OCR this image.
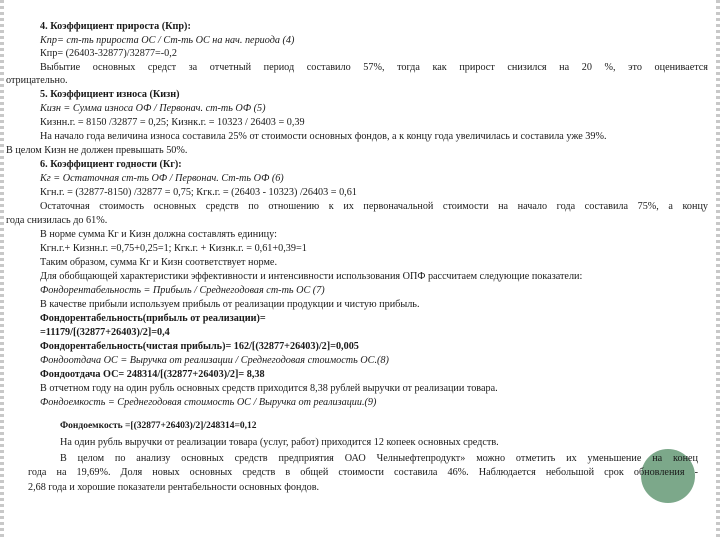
4. Коэффициент прироста (Кпр):
Кпр= ст-ть прироста ОС / Ст-ть ОС на нач. периода (4)
Кпр= (26403-32877)/32877=-0,2
Выбытие основных средст за отчетный период составило 57%, тогда как прирост снизился на 20 %, это оценивается
отрицательно.
5. Коэффициент износа (Кизн)
Кизн = Сумма износа ОФ / Первонач. ст-ть ОФ (5)
Кизнн.г. = 8150 /32877 = 0,25; Кизнк.г. = 10323 / 26403 = 0,39
На начало года величина износа составила 25% от стоимости основных фондов, а к концу года увеличилась и составила уже 39%.
В целом Кизн не должен превышать 50%.
6. Коэффициент годности (Кг):
Кг = Остаточная ст-ть ОФ / Первонач. Ст-ть ОФ (6)
Кгн.г. = (32877-8150) /32877 = 0,75; Кгк.г. = (26403 - 10323) /26403 = 0,61
Остаточная стоимость основных средств по отношению к их первоначальной стоимости на начало года составила 75%, а концу
года снизилась до 61%.
В норме сумма Кг и Кизн должна составлять единицу:
Кгн.г.+ Кизнн.г. =0,75+0,25=1; Кгк.г. + Кизнк.г. = 0,61+0,39=1
Таким образом, сумма Кг и Кизн соответствует норме.
Для обобщающей характеристики эффективности и интенсивности использования ОПФ рассчитаем следующие показатели:
Фондорентабельность = Прибыль / Среднегодовая ст-ть ОС (7)
В качестве прибыли используем прибыль от реализации продукции и чистую прибыль.
Фондорентабельность(прибыль от реализации)=
=11179/[(32877+26403)/2]=0,4
Фондорентабельность(чистая прибыль)= 162/[(32877+26403)/2]=0,005
Фондоотдача ОС = Выручка от реализации / Среднегодовая стоимость ОС.(8)
Фондоотдача ОС= 248314/[(32877+26403)/2]= 8,38
В отчетном году на один рубль основных средств приходится 8,38 рублей выручки от реализации товара.
Фондоемкость = Среднегодовая стоимость ОС / Выручка от реализации.(9)
Фондоемкость =[(32877+26403)/2]/248314=0,12
На один рубль выручки от реализации товара (услуг, работ) приходится 12 копеек основных средств.
В целом по анализу основных средств предприятия ОАО Челныефтепродукт» можно отметить их уменьшение на конец
года на 19,69%. Доля новых основных средств в общей стоимости составила 46%. Наблюдается небольшой срок обновления -
2,68 года и хорошие показатели рентабельности основных фондов.
